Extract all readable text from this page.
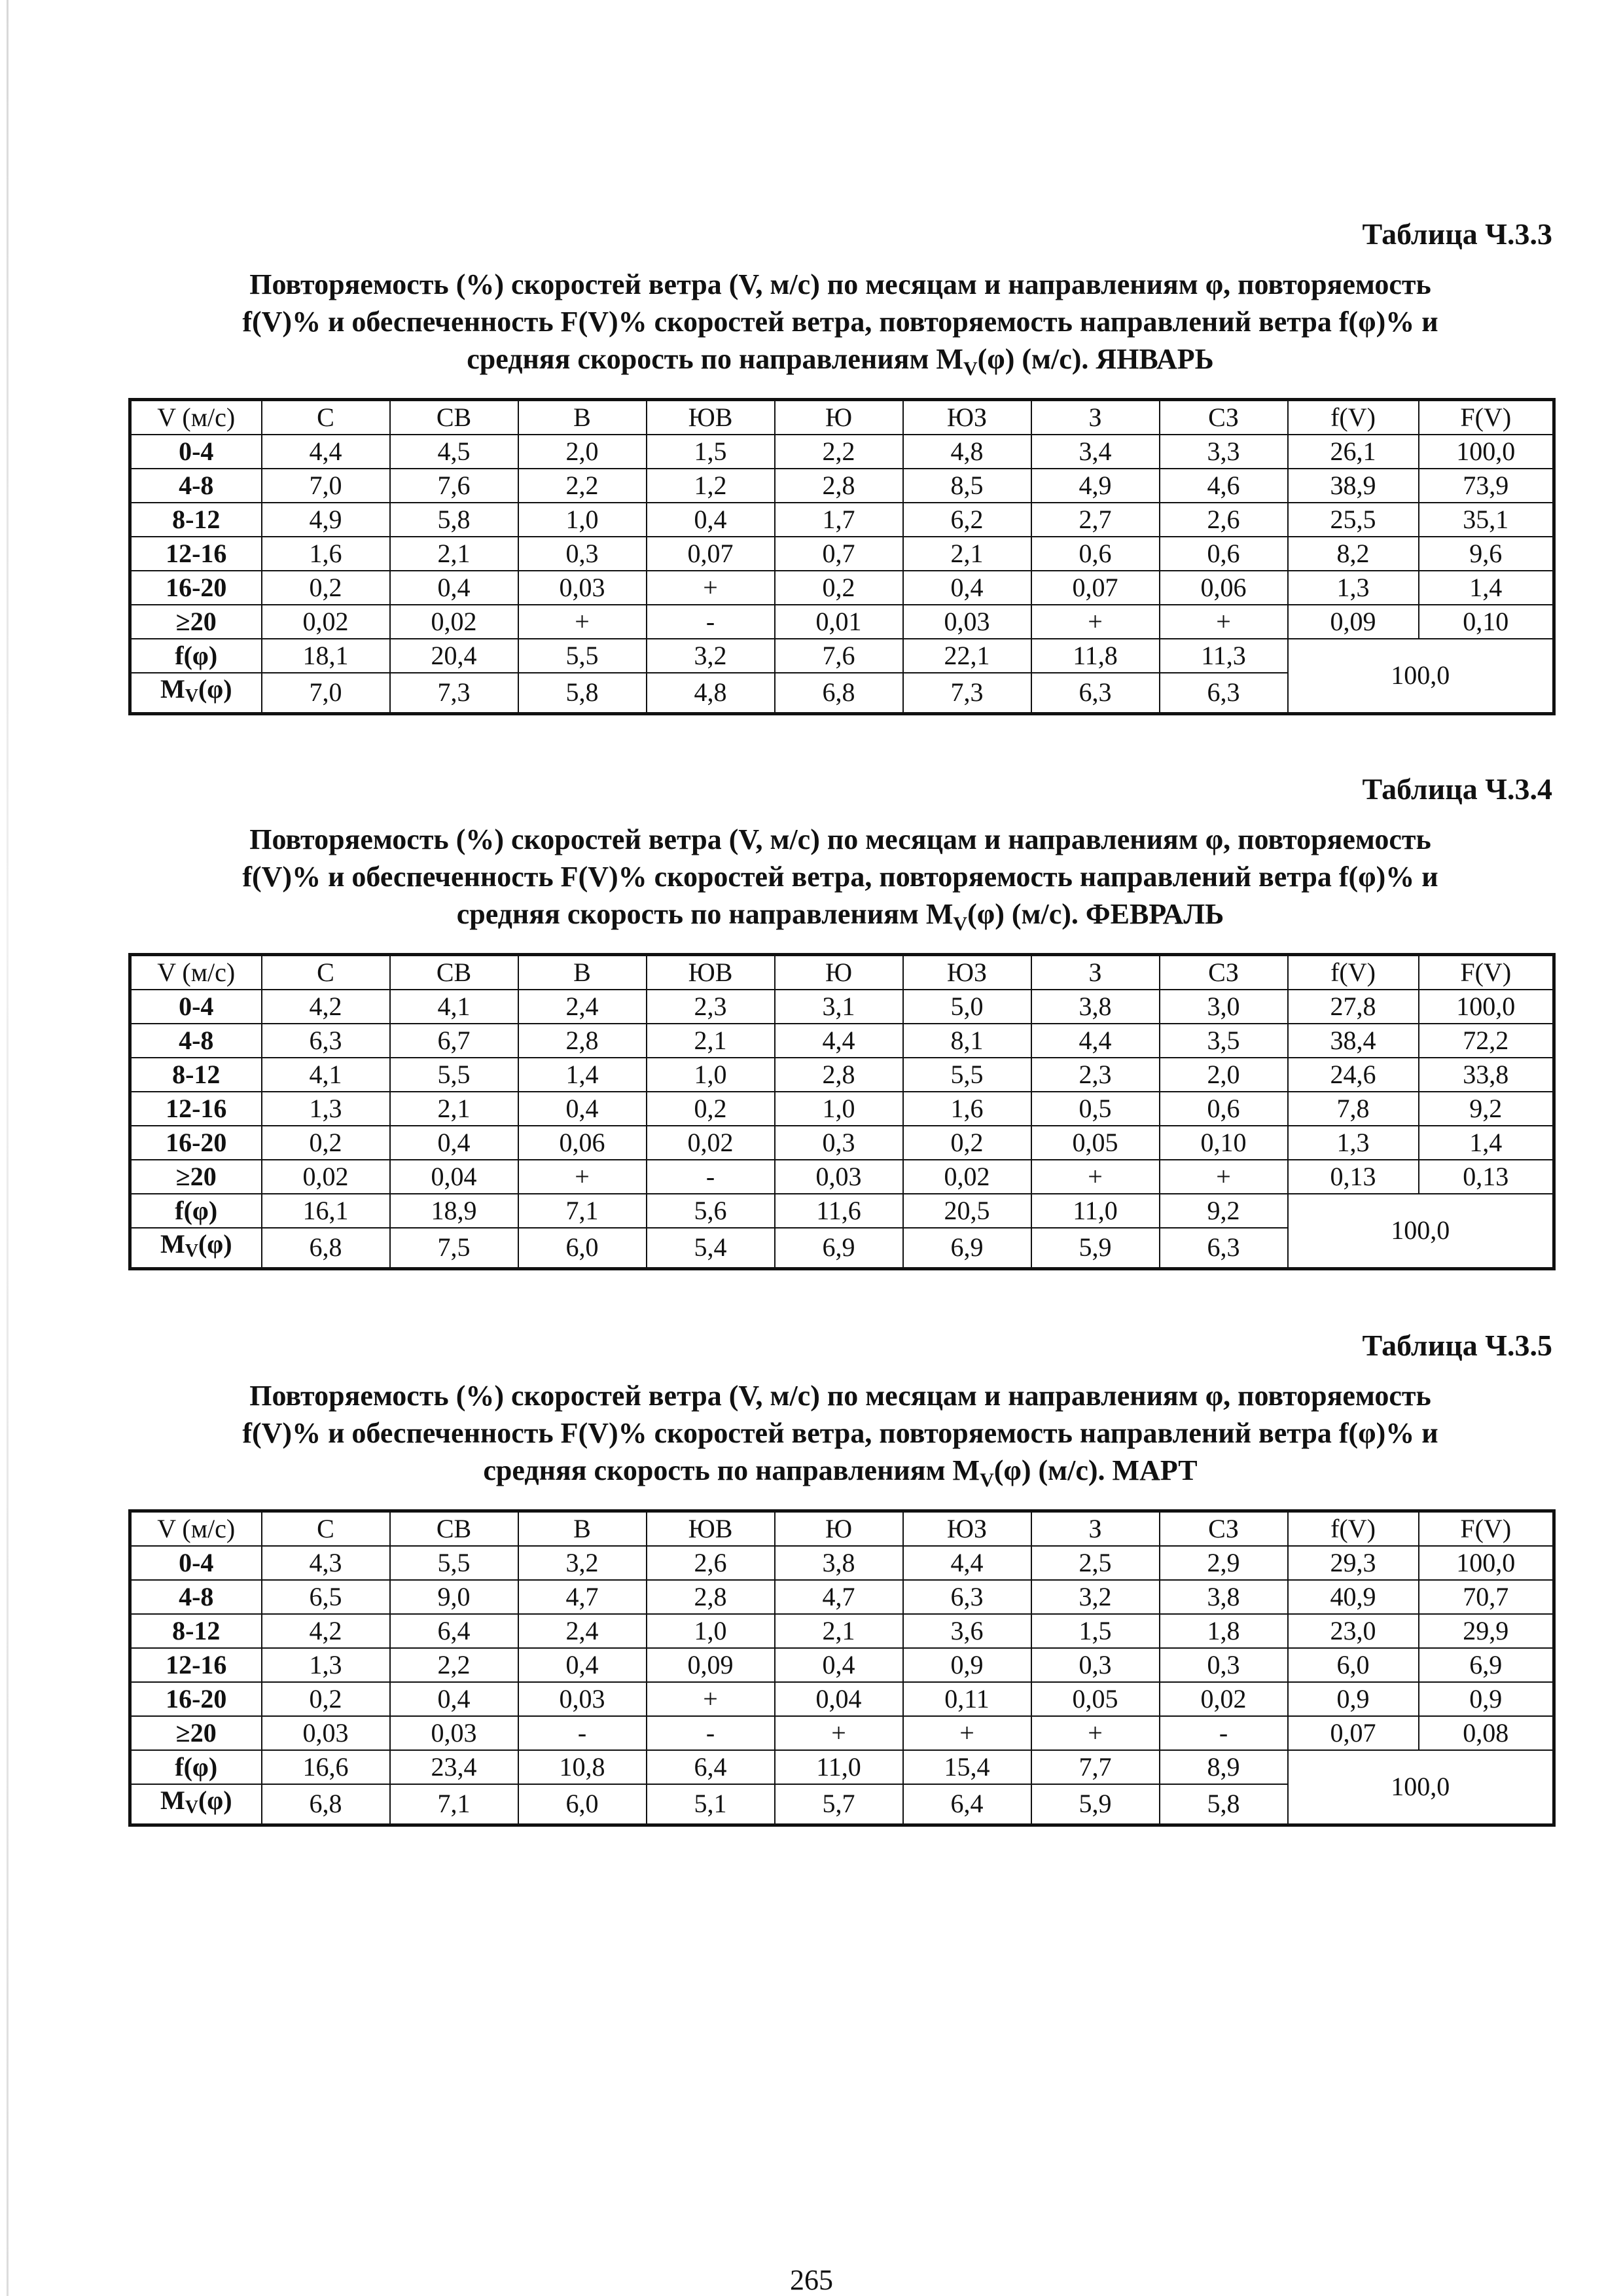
Таблица Ч.3.3
Повторяемость (%) скоростей ветра (V, м/с) по месяцам и направлениям φ, повторяемость
f(V)% и обеспеченность F(V)% скоростей ветра, повторяемость направлений ветра f(φ)% и
средняя скорость по направлениям $M_V(\varphi)$ (м/с). ЯНВАРЬ
V (м/с)	С	СВ	В	ЮВ	Ю	ЮЗ	З	СЗ	f(V)	F(V)
0-4	4,4	4,5	2,0	1,5	2,2	4,8	3,4	3,3	26,1	100,0
4-8	7,0	7,6	2,2	1,2	2,8	8,5	4,9	4,6	38,9	73,9
8-12	4,9	5,8	1,0	0,4	1,7	6,2	2,7	2,6	25,5	35,1
12-16	1,6	2,1	0,3	0,07	0,7	2,1	0,6	0,6	8,2	9,6
16-20	0,2	0,4	0,03	+	0,2	0,4	0,07	0,06	1,3	1,4
≥20	0,02	0,02	+	-	0,01	0,03	+	+	0,09	0,10
f(φ)	18,1	20,4	5,5	3,2	7,6	22,1	11,8	11,3	100,0	
$M_V(\varphi)$	7,0	7,3	5,8	4,8	6,8	7,3	6,3	6,3		
Таблица Ч.3.4
Повторяемость (%) скоростей ветра (V, м/с) по месяцам и направлениям φ, повторяемость
f(V)% и обеспеченность F(V)% скоростей ветра, повторяемость направлений ветра f(φ)% и
средняя скорость по направлениям $M_V(\varphi)$ (м/с). ФЕВРАЛЬ
V (м/с)	С	СВ	В	ЮВ	Ю	ЮЗ	З	СЗ	f(V)	F(V)
0-4	4,2	4,1	2,4	2,3	3,1	5,0	3,8	3,0	27,8	100,0
4-8	6,3	6,7	2,8	2,1	4,4	8,1	4,4	3,5	38,4	72,2
8-12	4,1	5,5	1,4	1,0	2,8	5,5	2,3	2,0	24,6	33,8
12-16	1,3	2,1	0,4	0,2	1,0	1,6	0,5	0,6	7,8	9,2
16-20	0,2	0,4	0,06	0,02	0,3	0,2	0,05	0,10	1,3	1,4
≥20	0,02	0,04	+	-	0,03	0,02	+	+	0,13	0,13
f(φ)	16,1	18,9	7,1	5,6	11,6	20,5	11,0	9,2	100,0	
$M_V(\varphi)$	6,8	7,5	6,0	5,4	6,9	6,9	5,9	6,3		
Таблица Ч.3.5
Повторяемость (%) скоростей ветра (V, м/с) по месяцам и направлениям φ, повторяемость
f(V)% и обеспеченность F(V)% скоростей ветра, повторяемость направлений ветра f(φ)% и
средняя скорость по направлениям $M_V(\varphi)$ (м/с). МАРТ
V (м/с)	С	СВ	В	ЮВ	Ю	ЮЗ	З	СЗ	f(V)	F(V)
0-4	4,3	5,5	3,2	2,6	3,8	4,4	2,5	2,9	29,3	100,0
4-8	6,5	9,0	4,7	2,8	4,7	6,3	3,2	3,8	40,9	70,7
8-12	4,2	6,4	2,4	1,0	2,1	3,6	1,5	1,8	23,0	29,9
12-16	1,3	2,2	0,4	0,09	0,4	0,9	0,3	0,3	6,0	6,9
16-20	0,2	0,4	0,03	+	0,04	0,11	0,05	0,02	0,9	0,9
≥20	0,03	0,03	-	-	+	+	+	-	0,07	0,08
f(φ)	16,6	23,4	10,8	6,4	11,0	15,4	7,7	8,9	100,0	
$M_V(\varphi)$	6,8	7,1	6,0	5,1	5,7	6,4	5,9	5,8		
265
